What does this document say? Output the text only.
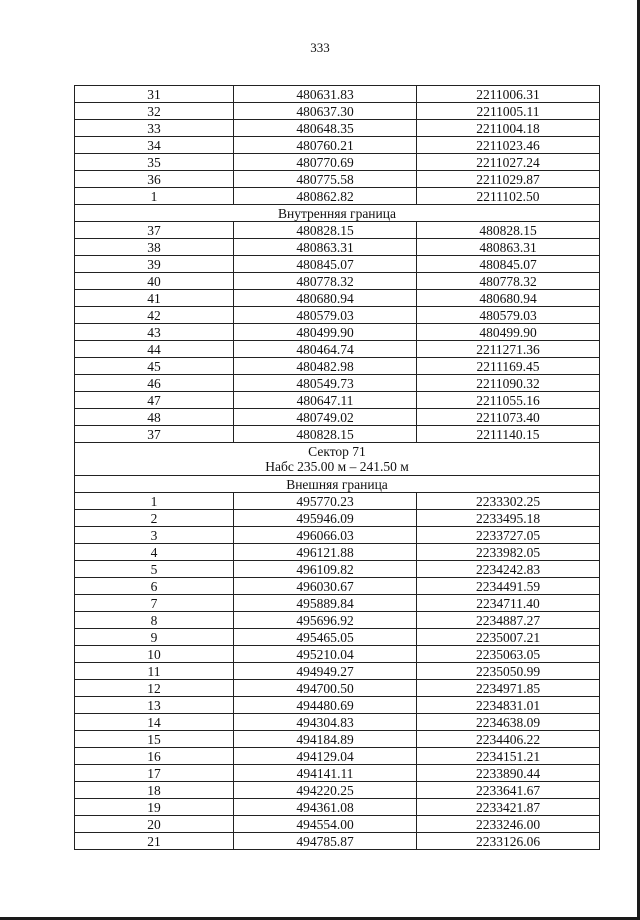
333
31	480631.83	2211006.31
32	480637.30	2211005.11
33	480648.35	2211004.18
34	480760.21	2211023.46
35	480770.69	2211027.24
36	480775.58	2211029.87
1	480862.82	2211102.50
Внутренняя граница		
37	480828.15	480828.15
38	480863.31	480863.31
39	480845.07	480845.07
40	480778.32	480778.32
41	480680.94	480680.94
42	480579.03	480579.03
43	480499.90	480499.90
44	480464.74	2211271.36
45	480482.98	2211169.45
46	480549.73	2211090.32
47	480647.11	2211055.16
48	480749.02	2211073.40
37	480828.15	2211140.15

Сектор 71
Набс 235.00 м – 241.50 м		

Внешняя граница		
1	495770.23	2233302.25
2	495946.09	2233495.18
3	496066.03	2233727.05
4	496121.88	2233982.05
5	496109.82	2234242.83
6	496030.67	2234491.59
7	495889.84	2234711.40
8	495696.92	2234887.27
9	495465.05	2235007.21
10	495210.04	2235063.05
11	494949.27	2235050.99
12	494700.50	2234971.85
13	494480.69	2234831.01
14	494304.83	2234638.09
15	494184.89	2234406.22
16	494129.04	2234151.21
17	494141.11	2233890.44
18	494220.25	2233641.67
19	494361.08	2233421.87
20	494554.00	2233246.00
21	494785.87	2233126.06
